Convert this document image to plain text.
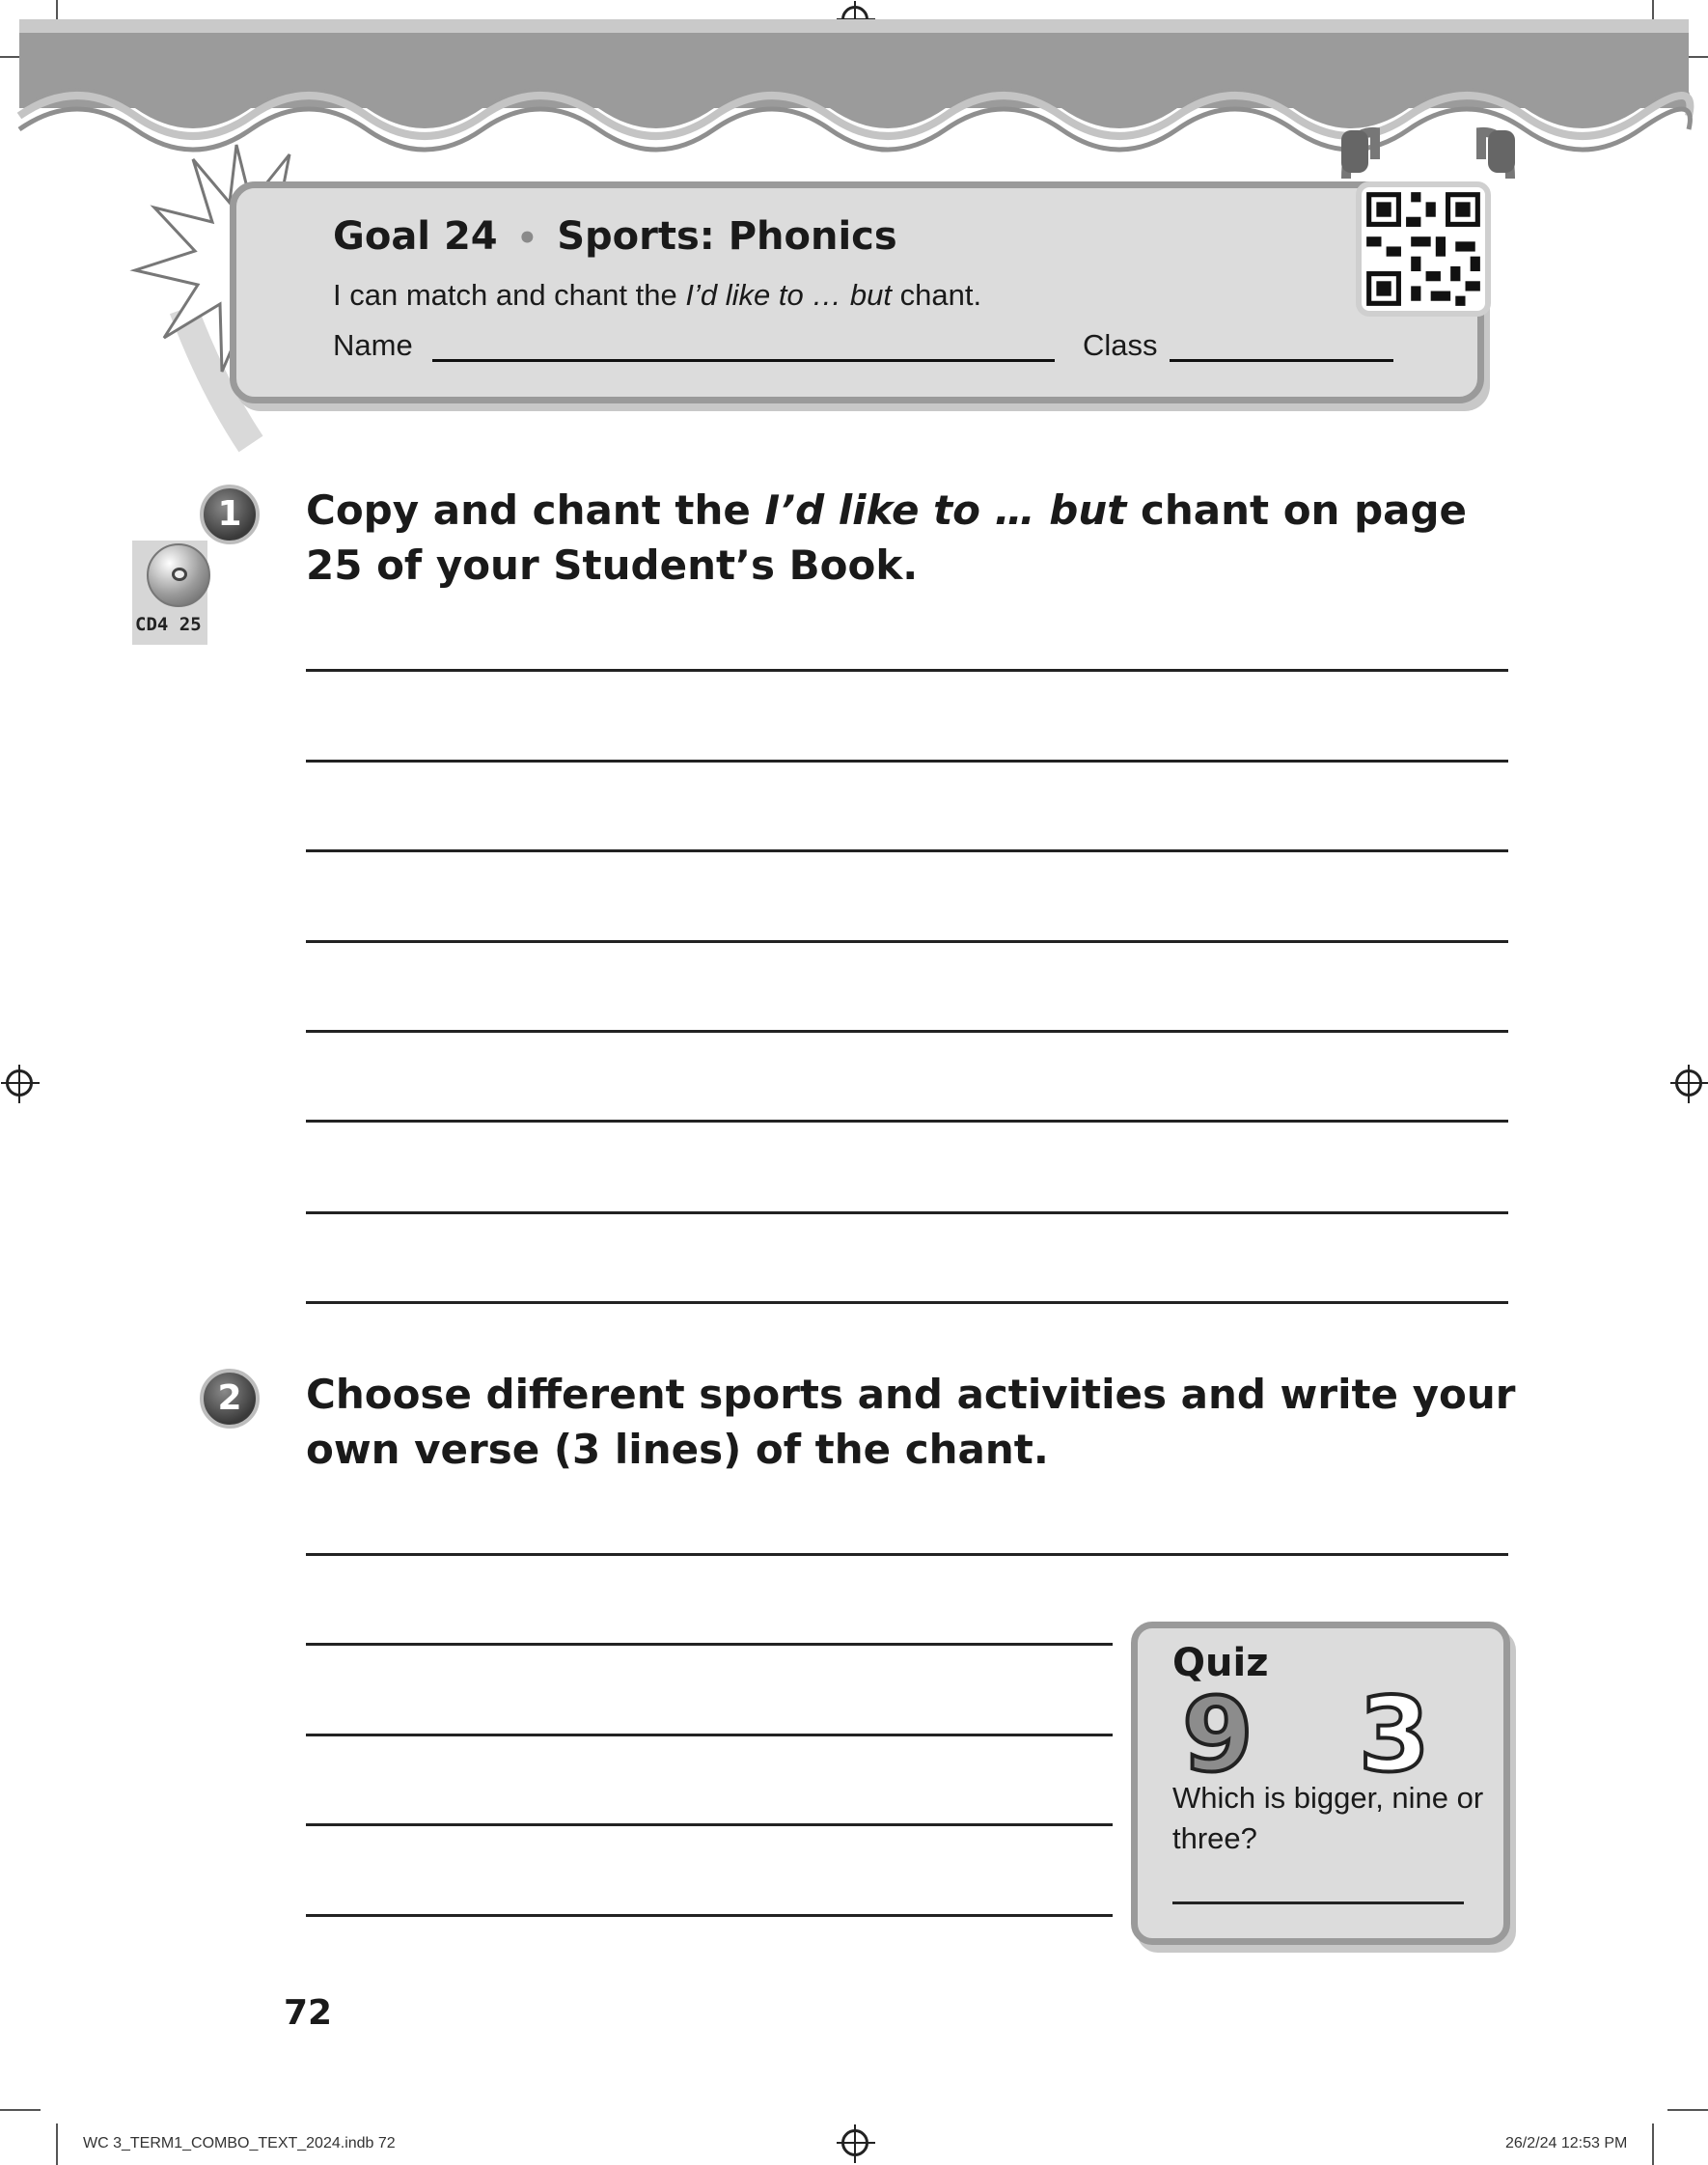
Goal 24 • Sports: Phonics
I can match and chant the I’d like to … but chant.
Name	Class
1
CD4 25
Copy and chant the I’d like to … but chant on page 25 of your Student’s Book.
2	Choose different sports and activities and write your own verse (3 lines) of the chant.
Quiz
9 3
Which is bigger, nine or three?
72
WC 3_TERM1_COMBO_TEXT_2024.indb 72	26/2/24 12:53 PM
